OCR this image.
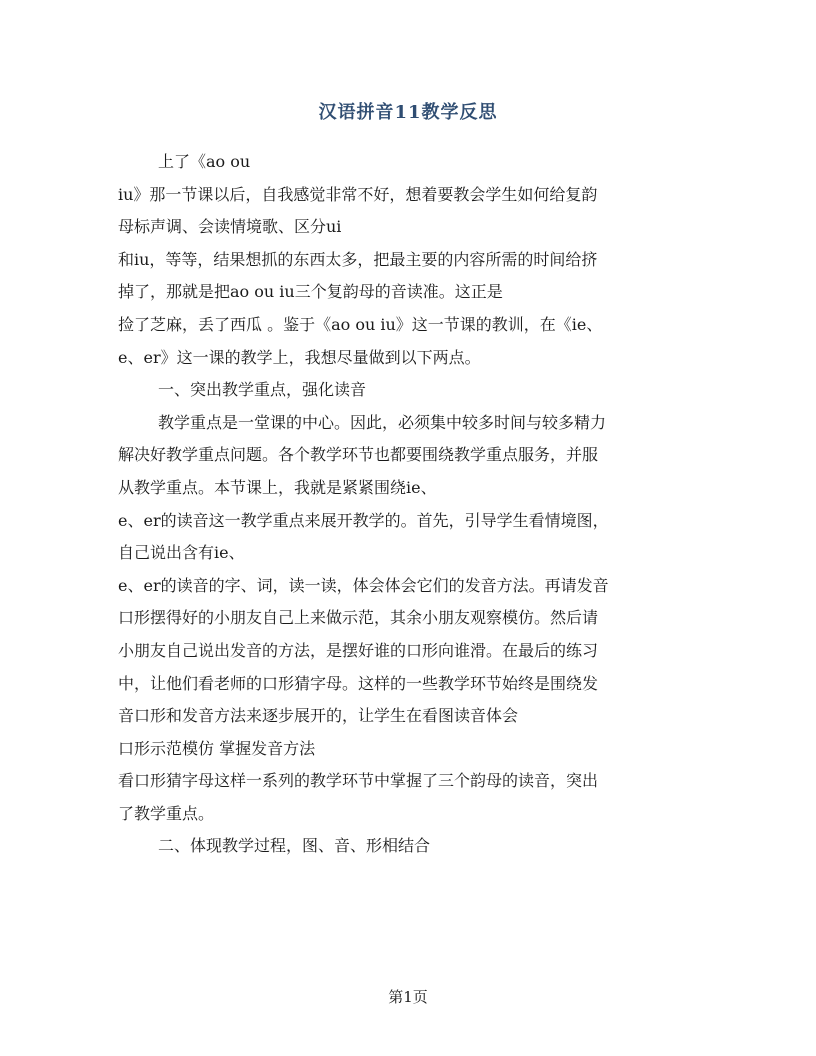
汉语拼音11教学反思
上了《ao ou
iu》那一节课以后，自我感觉非常不好，想着要教会学生如何给复韵
母标声调、会读情境歌、区分ui
和iu，等等，结果想抓的东西太多，把最主要的内容所需的时间给挤
掉了，那就是把ao ou iu三个复韵母的音读准。这正是
捡了芝麻，丢了西瓜 。鉴于《ao ou iu》这一节课的教训，在《ie、
e、er》这一课的教学上，我想尽量做到以下两点。
一、突出教学重点，强化读音
教学重点是一堂课的中心。因此，必须集中较多时间与较多精力
解决好教学重点问题。各个教学环节也都要围绕教学重点服务，并服
从教学重点。本节课上，我就是紧紧围绕ie、
e、er的读音这一教学重点来展开教学的。首先，引导学生看情境图，
自己说出含有ie、
e、er的读音的字、词，读一读，体会体会它们的发音方法。再请发音
口形摆得好的小朋友自己上来做示范，其余小朋友观察模仿。然后请
小朋友自己说出发音的方法，是摆好谁的口形向谁滑。在最后的练习
中，让他们看老师的口形猜字母。这样的一些教学环节始终是围绕发
音口形和发音方法来逐步展开的，让学生在看图读音体会
口形示范模仿 掌握发音方法
看口形猜字母这样一系列的教学环节中掌握了三个韵母的读音，突出
了教学重点。
二、体现教学过程，图、音、形相结合

第1页
